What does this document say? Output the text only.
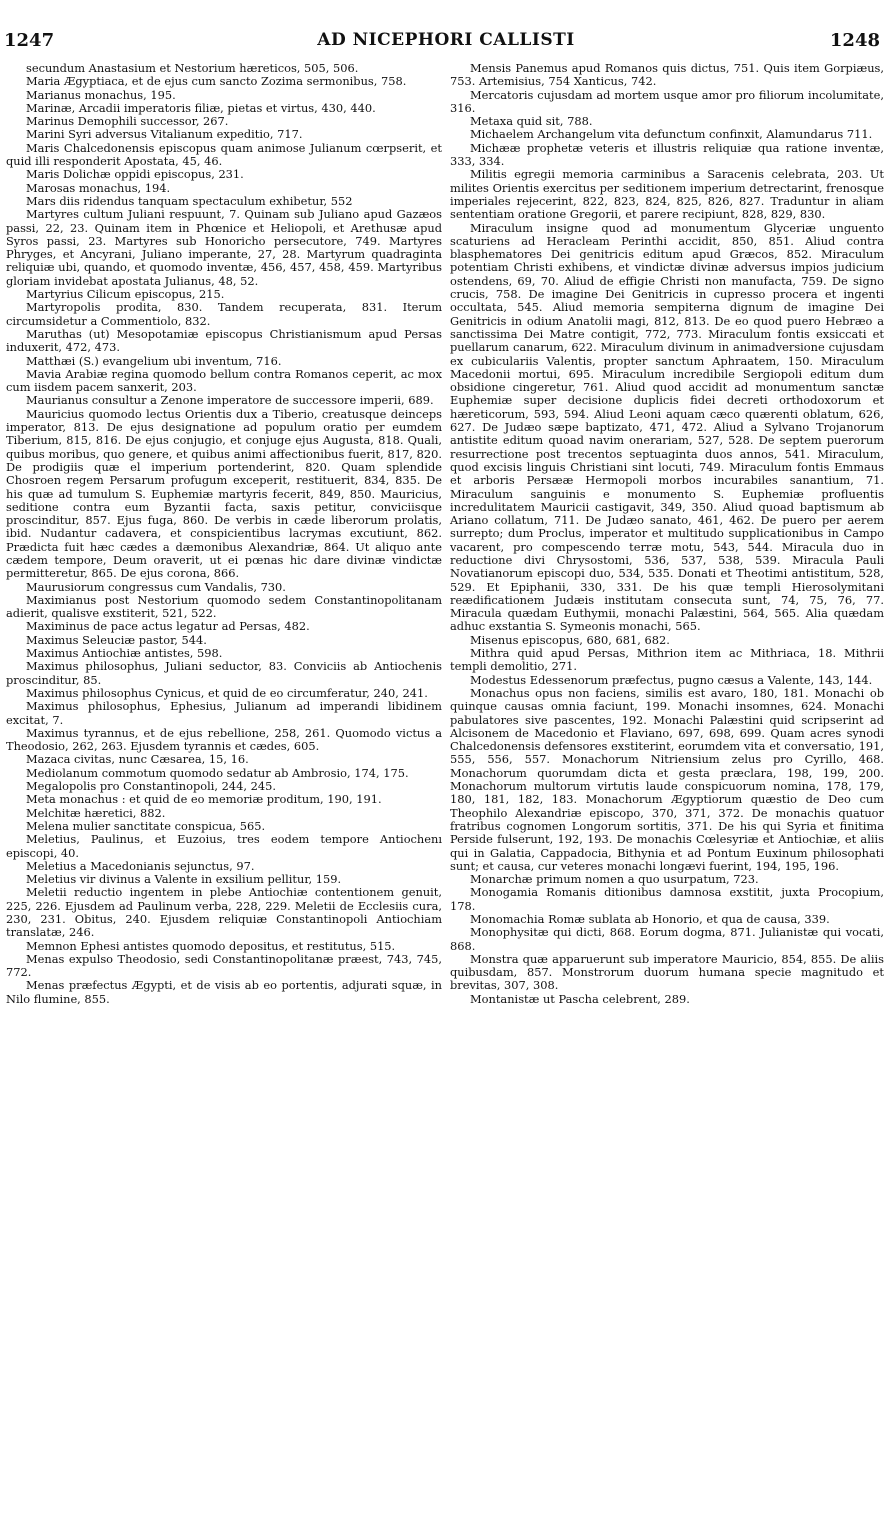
1247	AD NICEPHORI CALLISTI	1248

secundum Anastasium et Nestorium hæreticos, 505, 506.

Maria Ægyptiaca, et de ejus cum sancto Zozima sermonibus, 758.

Marianus monachus, 195.

Marinæ, Arcadii imperatoris filiæ, pietas et virtus, 430, 440.

Marinus Demophili successor, 267.

Marini Syri adversus Vitalianum expeditio, 717.

Maris Chalcedonensis episcopus quam animose Julianum cœrpserit, et quid illi responderit Apostata, 45, 46.

Maris Dolichæ oppidi episcopus, 231.

Marosas monachus, 194.

Mars diis ridendus tanquam spectaculum exhibetur, 552

Martyres cultum Juliani respuunt, 7. Quinam sub Juliano apud Gazæos passi, 22, 23. Quinam item in Phœnice et Heliopoli, et Arethusæ apud Syros passi, 23. Martyres sub Honoricho persecutore, 749. Martyres Phryges, et Ancyrani, Juliano imperante, 27, 28. Martyrum quadraginta reliquiæ ubi, quando, et quomodo inventæ, 456, 457, 458, 459. Martyribus gloriam invidebat apostata Julianus, 48, 52.

Martyrius Cilicum episcopus, 215.

Martyropolis prodita, 830. Tandem recuperata, 831. Iterum circumsidetur a Commentiolo, 832.

Maruthas (ut) Mesopotamiæ episcopus Christianismum apud Persas induxerit, 472, 473.

Matthæi (S.) evangelium ubi inventum, 716.

Mavia Arabiæ regina quomodo bellum contra Romanos ceperit, ac mox cum iisdem pacem sanxerit, 203.

Maurianus consultur a Zenone imperatore de successore imperii, 689.

Mauricius quomodo lectus Orientis dux a Tiberio, creatusque deinceps imperator, 813. De ejus designatione ad populum oratio per eumdem Tiberium, 815, 816. De ejus conjugio, et conjuge ejus Augusta, 818. Quali, quibus moribus, quo genere, et quibus animi affectionibus fuerit, 817, 820. De prodigiis quæ el imperium portenderint, 820. Quam splendide Chosroen regem Persarum profugum exceperit, restituerit, 834, 835. De his quæ ad tumulum S. Euphemiæ martyris fecerit, 849, 850. Mauricius, seditione contra eum Byzantii facta, saxis petitur, conviciisque proscinditur, 857. Ejus fuga, 860. De verbis in cæde liberorum prolatis, ibid. Nudantur cadavera, et conspicientibus lacrymas excutiunt, 862. Prædicta fuit hæc cædes a dæmonibus Alexandriæ, 864. Ut aliquo ante cædem tempore, Deum oraverit, ut ei pœnas hic dare divinæ vindictæ permitteretur, 865. De ejus corona, 866.

Maurusiorum congressus cum Vandalis, 730.

Maximianus post Nestorium quomodo sedem Constantinopolitanam adierit, qualisve exstiterit, 521, 522.

Maximinus de pace actus legatur ad Persas, 482.

Maximus Seleuciæ pastor, 544.

Maximus Antiochiæ antistes, 598.

Maximus philosophus, Juliani seductor, 83. Conviciis ab Antiochenis proscinditur, 85.

Maximus philosophus Cynicus, et quid de eo circumferatur, 240, 241.

Maximus philosophus, Ephesius, Julianum ad imperandi libidinem excitat, 7.

Maximus tyrannus, et de ejus rebellione, 258, 261. Quomodo victus a Theodosio, 262, 263. Ejusdem tyrannis et cædes, 605.

Mazaca civitas, nunc Cæsarea, 15, 16.

Mediolanum commotum quomodo sedatur ab Ambrosio, 174, 175.

Megalopolis pro Constantinopoli, 244, 245.

Meta monachus : et quid de eo memoriæ proditum, 190, 191.

Melchitæ hæretici, 882.

Melena mulier sanctitate conspicua, 565.

Meletius, Paulinus, et Euzoius, tres eodem tempore Antiochenı episcopi, 40.

Meletius a Macedonianis sejunctus, 97.

Meletius vir divinus a Valente in exsilium pellitur, 159.

Meletii reductio ingentem in plebe Antiochiæ contentionem genuit, 225, 226. Ejusdem ad Paulinum verba, 228, 229. Meletii de Ecclesiis cura, 230, 231. Obitus, 240. Ejusdem reliquiæ Constantinopoli Antiochiam translatæ, 246.

Memnon Ephesi antistes quomodo depositus, et restitutus, 515.

Menas expulso Theodosio, sedi Constantinopolitanæ præest, 743, 745, 772.

Menas præfectus Ægypti, et de visis ab eo portentis, adjurati squæ, in Nilo flumine, 855.

Mensis Panemus apud Romanos quis dictus, 751. Quis item Gorpiæus, 753. Artemisius, 754 Xanticus, 742.

Mercatoris cujusdam ad mortem usque amor pro filiorum incolumitate, 316.

Metaxa quid sit, 788.

Michaelem Archangelum vita defunctum confinxit, Alamundarus 711.

Michææ prophetæ veteris et illustris reliquiæ qua ratione inventæ, 333, 334.

Militis egregii memoria carminibus a Saracenis celebrata, 203. Ut milites Orientis exercitus per seditionem imperium detrectarint, frenosque imperiales rejecerint, 822, 823, 824, 825, 826, 827. Traduntur in aliam sententiam oratione Gregorii, et parere recipiunt, 828, 829, 830.

Miraculum insigne quod ad monumentum Glyceriæ unguento scaturiens ad Heracleam Perinthi accidit, 850, 851. Aliud contra blasphematores Dei genitricis editum apud Græcos, 852. Miraculum potentiam Christi exhibens, et vindictæ divinæ adversus impios judicium ostendens, 69, 70. Aliud de effigie Christi non manufacta, 759. De signo crucis, 758. De imagine Dei Genitricis in cupresso procera et ingenti occultata, 545. Aliud memoria sempiterna dignum de imagine Dei Genitricis in odium Anatolii magi, 812, 813. De eo quod puero Hebræo a sanctissima Dei Matre contigit, 772, 773. Miraculum fontis exsiccati et puellarum canarum, 622. Miraculum divinum in animadversione cujusdam ex cubiculariis Valentis, propter sanctum Aphraatem, 150. Miraculum Macedonii mortui, 695. Miraculum incredibile Sergiopoli editum dum obsidione cingeretur, 761. Aliud quod accidit ad monumentum sanctæ Euphemiæ super decisione duplicis fidei decreti orthodoxorum et hæreticorum, 593, 594. Aliud Leoni aquam cæco quærenti oblatum, 626, 627. De Judæo sæpe baptizato, 471, 472. Aliud a Sylvano Trojanorum antistite editum quoad navim onerariam, 527, 528. De septem puerorum resurrectione post trecentos septuaginta duos annos, 541. Miraculum, quod excisis linguis Christiani sint locuti, 749. Miraculum fontis Emmaus et arboris Persææ Hermopoli morbos incurabiles sanantium, 71. Miraculum sanguinis e monumento S. Euphemiæ profluentis incredulitatem Mauricii castigavit, 349, 350. Aliud quoad baptismum ab Ariano collatum, 711. De Judæo sanato, 461, 462. De puero per aerem surrepto; dum Proclus, imperator et multitudo supplicationibus in Campo vacarent, pro compescendo terræ motu, 543, 544. Miracula duo in reductione divi Chrysostomi, 536, 537, 538, 539. Miracula Pauli Novatianorum episcopi duo, 534, 535. Donati et Theotimi antistitum, 528, 529. Et Epiphanii, 330, 331. De his quæ templi Hierosolymitani reædificationem Judæis institutam consecuta sunt, 74, 75, 76, 77. Miracula quædam Euthymii, monachi Palæstini, 564, 565. Alia quædam adhuc exstantia S. Symeonis monachi, 565.

Misenus episcopus, 680, 681, 682.

Mithra quid apud Persas, Mithrion item ac Mithriaca, 18. Mithrii templi demolitio, 271.

Modestus Edessenorum præfectus, pugno cæsus a Valente, 143, 144.

Monachus opus non faciens, similis est avaro, 180, 181. Monachi ob quinque causas omnia faciunt, 199. Monachi insomnes, 624. Monachi pabulatores sive pascentes, 192. Monachi Palæstini quid scripserint ad Alcisonem de Macedonio et Flaviano, 697, 698, 699. Quam acres synodi Chalcedonensis defensores exstiterint, eorumdem vita et conversatio, 191, 555, 556, 557. Monachorum Nitriensium zelus pro Cyrillo, 468. Monachorum quorumdam dicta et gesta præclara, 198, 199, 200. Monachorum multorum virtutis laude conspicuorum nomina, 178, 179, 180, 181, 182, 183. Monachorum Ægyptiorum quæstio de Deo cum Theophilo Alexandriæ episcopo, 370, 371, 372. De monachis quatuor fratribus cognomen Longorum sortitis, 371. De his qui Syria et finitima Perside fulserunt, 192, 193. De monachis Cœlesyriæ et Antiochiæ, et aliis qui in Galatia, Cappadocia, Bithynia et ad Pontum Euxinum philosophati sunt; et causa, cur veteres monachi longævi fuerint, 194, 195, 196.

Monarchæ primum nomen a quo usurpatum, 723.

Monogamia Romanis ditionibus damnosa exstitit, juxta Procopium, 178.

Monomachia Romæ sublata ab Honorio, et qua de causa, 339.

Monophysitæ qui dicti, 868. Eorum dogma, 871. Julianistæ qui vocati, 868.

Monstra quæ apparuerunt sub imperatore Mauricio, 854, 855. De aliis quibusdam, 857. Monstrorum duorum humana specie magnitudo et brevitas, 307, 308.

Montanistæ ut Pascha celebrent, 289.
